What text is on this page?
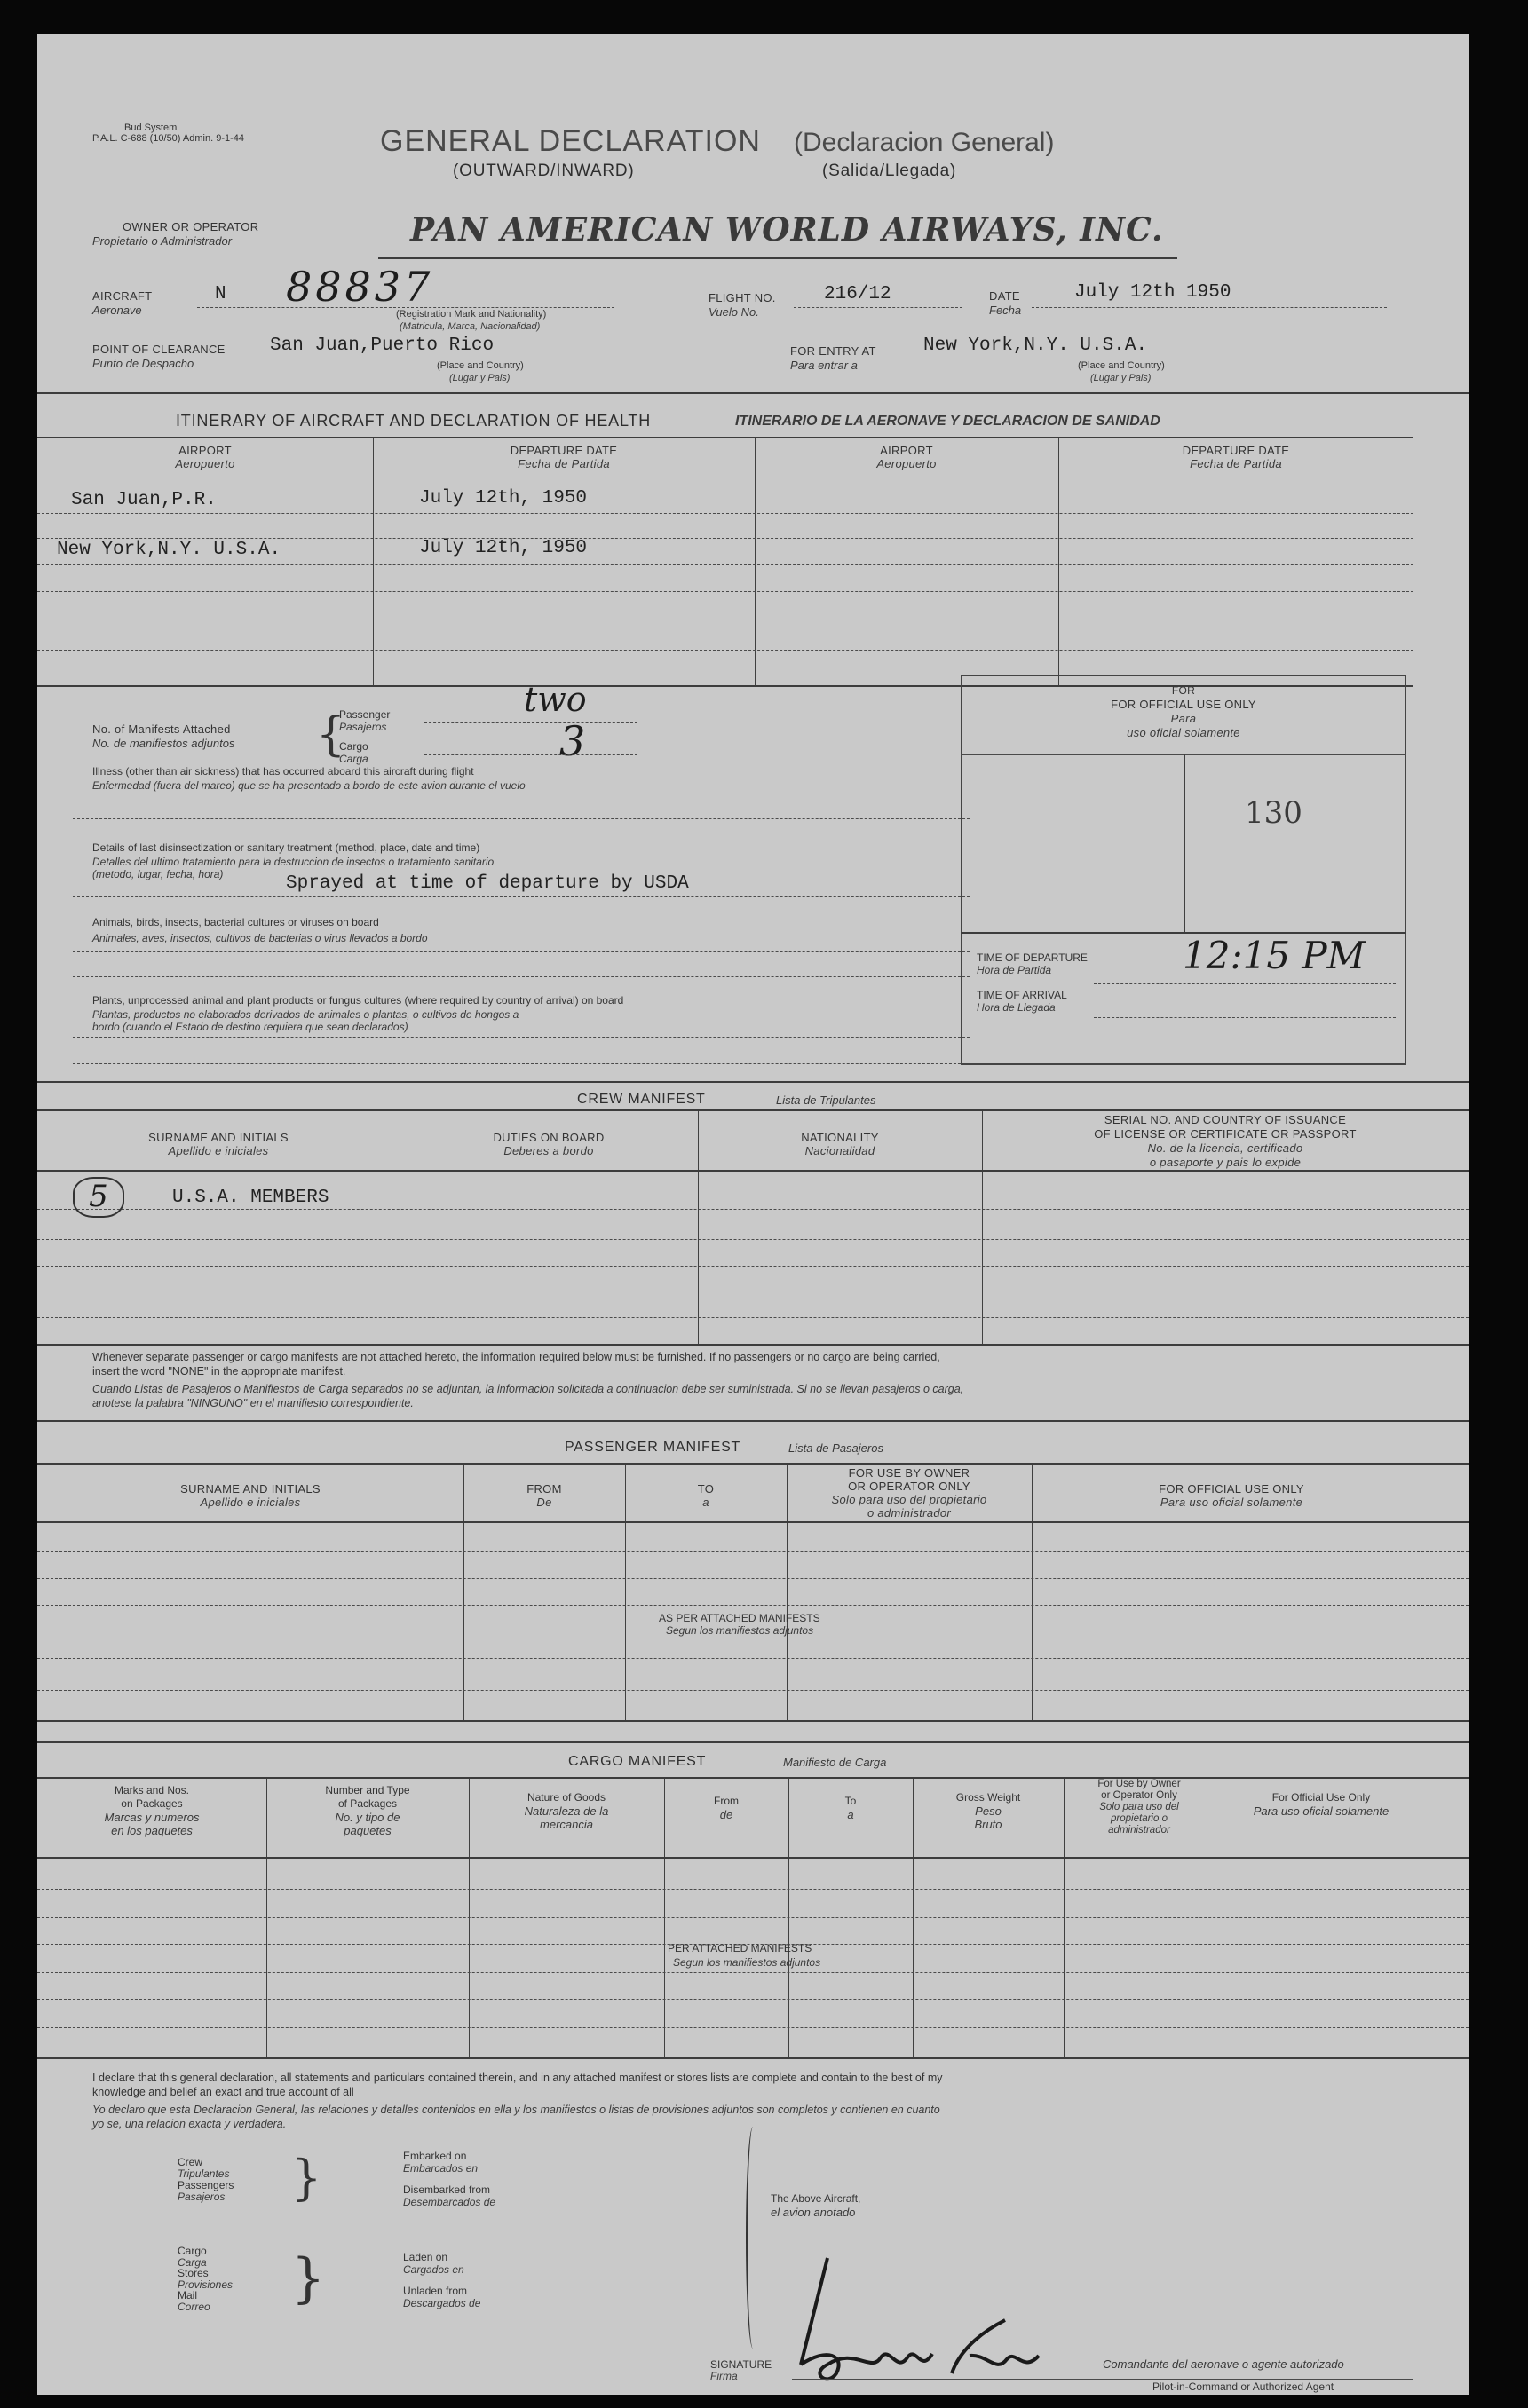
Bud System
P.A.L. C-688 (10/50) Admin. 9-1-44	GENERAL DECLARATION
(OUTWARD/INWARD)
(Declaracion General)
(Salida/Llegada)
OWNER OR OPERATOR
Propietario o Administrador	PAN AMERICAN WORLD AIRWAYS, INC.
AIRCRAFT
Aeronave
N 88837
(Registration Mark and Nationality)
(Matricula, Marca, Nacionalidad)
FLIGHT NO.
Vuelo No.
216/12	DATE
Fecha
July 12th 1950
POINT OF CLEARANCE
Punto de Despacho
San Juan,Puerto Rico
(Place and Country)
(Lugar y Pais)
FOR ENTRY AT
Para entrar a
New York,N.Y. U.S.A.
(Place and Country)
(Lugar y Pais)
ITINERARY OF AIRCRAFT AND DECLARATION OF HEALTH	ITINERARIO DE LA AERONAVE Y DECLARACION DE SANIDAD
AIRPORT
Aeropuerto
DEPARTURE DATE
Fecha de Partida
AIRPORT
Aeropuerto
DEPARTURE DATE
Fecha de Partida
San Juan,P.R.	July 12th, 1950
New York,N.Y. U.S.A.	July 12th, 1950
No. of Manifests Attached
No. de manifiestos adjuntos {
Passenger
Pasajeros
Cargo
Carga
two
3
Illness (other than air sickness) that has occurred aboard this aircraft during flight
Enfermedad (fuera del mareo) que se ha presentado a bordo de este avion durante el vuelo
Details of last disinsectization or sanitary treatment (method, place, date and time)
Detalles del ultimo tratamiento para la destruccion de insectos o tratamiento sanitario
(metodo, lugar, fecha, hora)	Sprayed at time of departure by USDA
Animals, birds, insects, bacterial cultures or viruses on board
Animales, aves, insectos, cultivos de bacterias o virus llevados a bordo
Plants, unprocessed animal and plant products or fungus cultures (where required by country of arrival) on board
Plantas, productos no elaborados derivados de animales o plantas, o cultivos de hongos a
bordo (cuando el Estado de destino requiera que sean declarados)
FOR
FOR OFFICIAL USE ONLY
Para
uso oficial solamente
130
TIME OF DEPARTURE
Hora de Partida	12:15 PM
TIME OF ARRIVAL
Hora de Llegada
CREW MANIFEST	Lista de Tripulantes
SURNAME AND INITIALS
Apellido e iniciales
DUTIES ON BOARD
Deberes a bordo
NATIONALITY
Nacionalidad
SERIAL NO. AND COUNTRY OF ISSUANCE
OF LICENSE OR CERTIFICATE OR PASSPORT
No. de la licencia, certificado
o pasaporte y pais lo expide
5	U.S.A. MEMBERS
Whenever separate passenger or cargo manifests are not attached hereto, the information required below must be furnished. If no passengers or no cargo are being carried,
insert the word "NONE" in the appropriate manifest.
Cuando Listas de Pasajeros o Manifiestos de Carga separados no se adjuntan, la informacion solicitada a continuacion debe ser suministrada. Si no se llevan pasajeros o carga,
anotese la palabra "NINGUNO" en el manifiesto correspondiente.
PASSENGER MANIFEST	Lista de Pasajeros
SURNAME AND INITIALS
Apellido e iniciales
FROM
De
TO
a
FOR USE BY OWNER
OR OPERATOR ONLY
Solo para uso del propietario
o administrador
FOR OFFICIAL USE ONLY
Para uso oficial solamente
AS PER ATTACHED MANIFESTS
Segun los manifiestos adjuntos
CARGO MANIFEST	Manifiesto de Carga
Marks and Nos.
on Packages
Marcas y numeros
en los paquetes
Number and Type
of Packages
No. y tipo de
paquetes
Nature of Goods
Naturaleza de la
mercancia
From
de
To
a
Gross Weight
Peso
Bruto
For Use by Owner
or Operator Only
Solo para uso del
propietario o
administrador
For Official Use Only
Para uso oficial solamente
PER ATTACHED MANIFESTS
Segun los manifiestos adjuntos
I declare that this general declaration, all statements and particulars contained therein, and in any attached manifest or stores lists are complete and contain to the best of my
knowledge and belief an exact and true account of all
Yo declaro que esta Declaracion General, las relaciones y detalles contenidos en ella y los manifiestos o listas de provisiones adjuntos son completos y contienen en cuanto
yo se, una relacion exacta y verdadera.
Crew
Tripulantes
Passengers
Pasajeros }	Embarked on
Embarcados en
Disembarked from
Desembarcados de
Cargo
Carga
Stores
Provisiones
Mail
Correo	}	Laden on
Cargados en
Unladen from
Descargados de
The Above Aircraft,
el avion anotado
SIGNATURE
Firma
Comandante del aeronave o agente autorizado
Pilot-in-Command or Authorized Agent
